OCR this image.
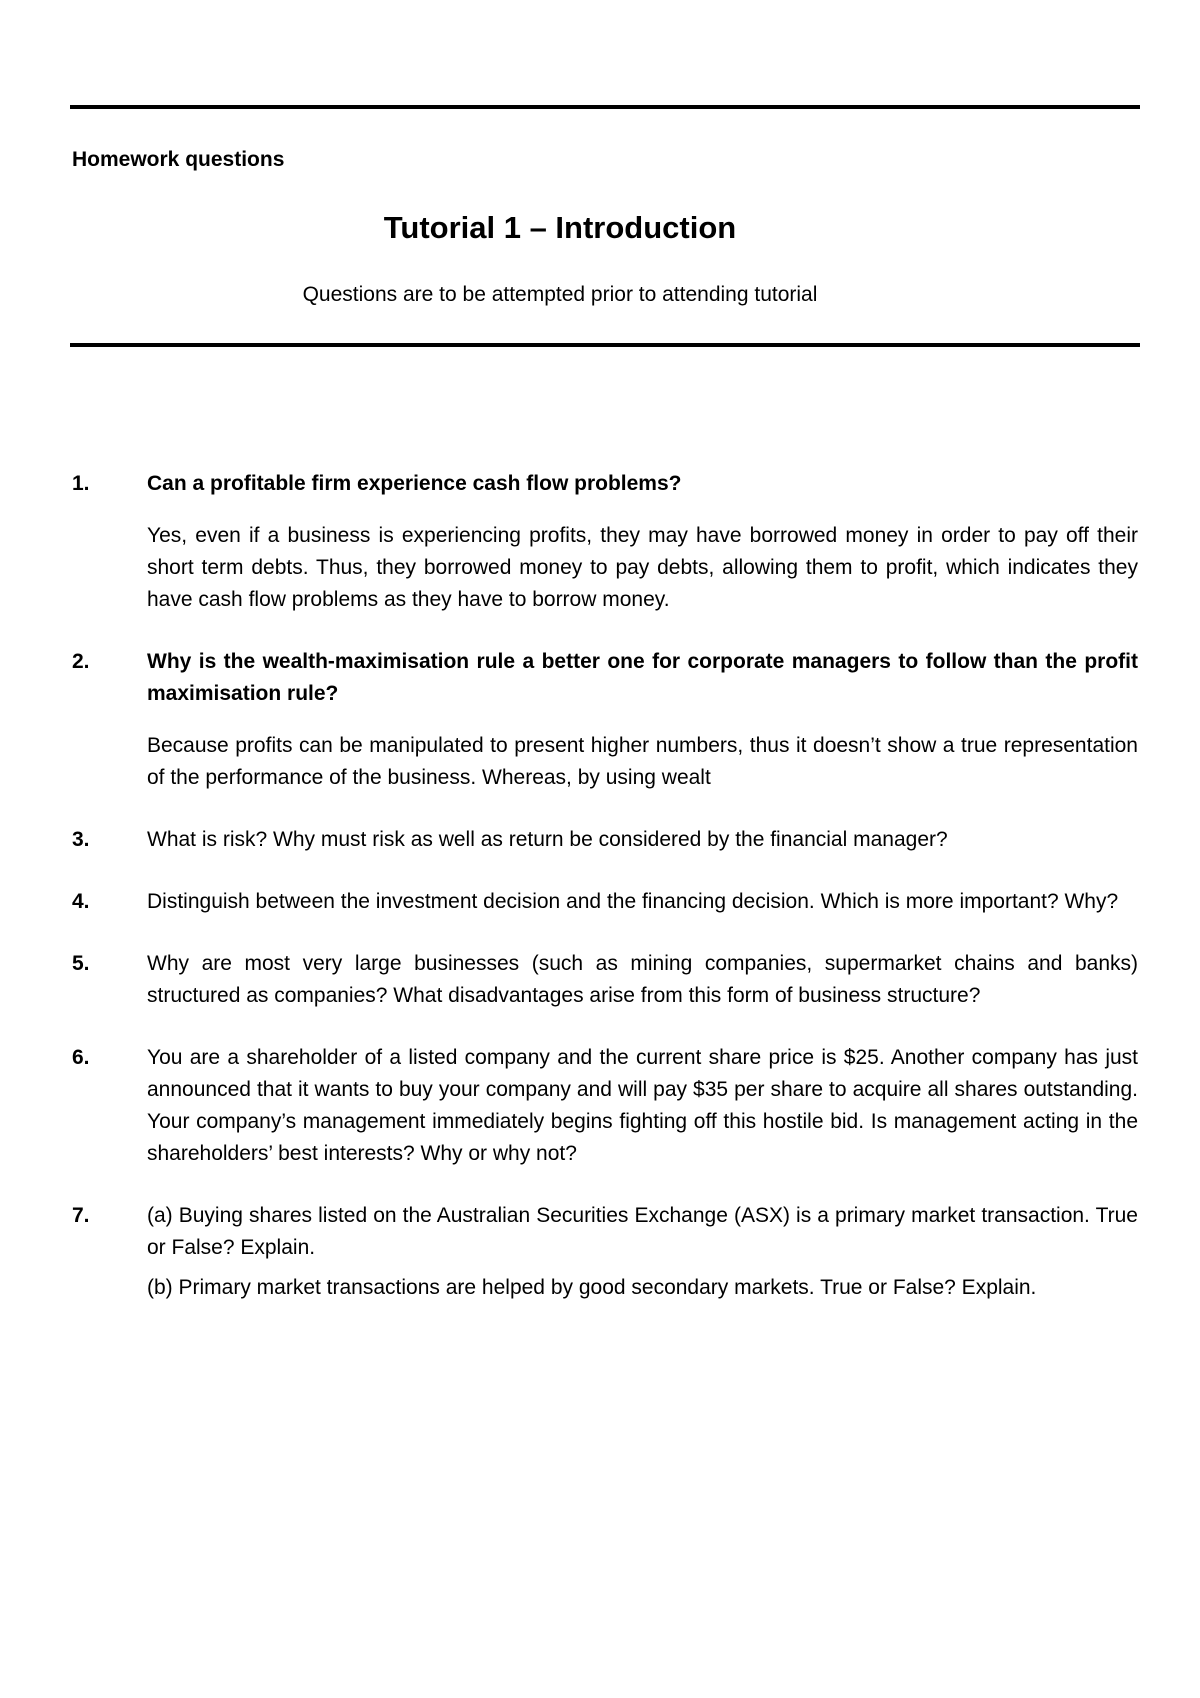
Homework questions
Tutorial 1 – Introduction
Questions are to be attempted prior to attending tutorial
1.	Can a profitable firm experience cash flow problems?
Yes, even if a business is experiencing profits, they may have borrowed money in order to pay off their short term debts. Thus, they borrowed money to pay debts, allowing them to profit, which indicates they have cash flow problems as they have to borrow money.
2.	Why is the wealth-maximisation rule a better one for corporate managers to follow than the profit maximisation rule?
Because profits can be manipulated to present higher numbers, thus it doesn’t show a true representation of the performance of the business. Whereas, by using wealt
3.	What is risk? Why must risk as well as return be considered by the financial manager?
4.	Distinguish between the investment decision and the financing decision. Which is more important? Why?
5.	Why are most very large businesses (such as mining companies, supermarket chains and banks) structured as companies? What disadvantages arise from this form of business structure?
6.	You are a shareholder of a listed company and the current share price is $25. Another company has just announced that it wants to buy your company and will pay $35 per share to acquire all shares outstanding. Your company’s management immediately begins fighting off this hostile bid. Is management acting in the shareholders’ best interests? Why or why not?
7.	(a) Buying shares listed on the Australian Securities Exchange (ASX) is a primary market transaction. True or False? Explain.
(b) Primary market transactions are helped by good secondary markets. True or False? Explain.
